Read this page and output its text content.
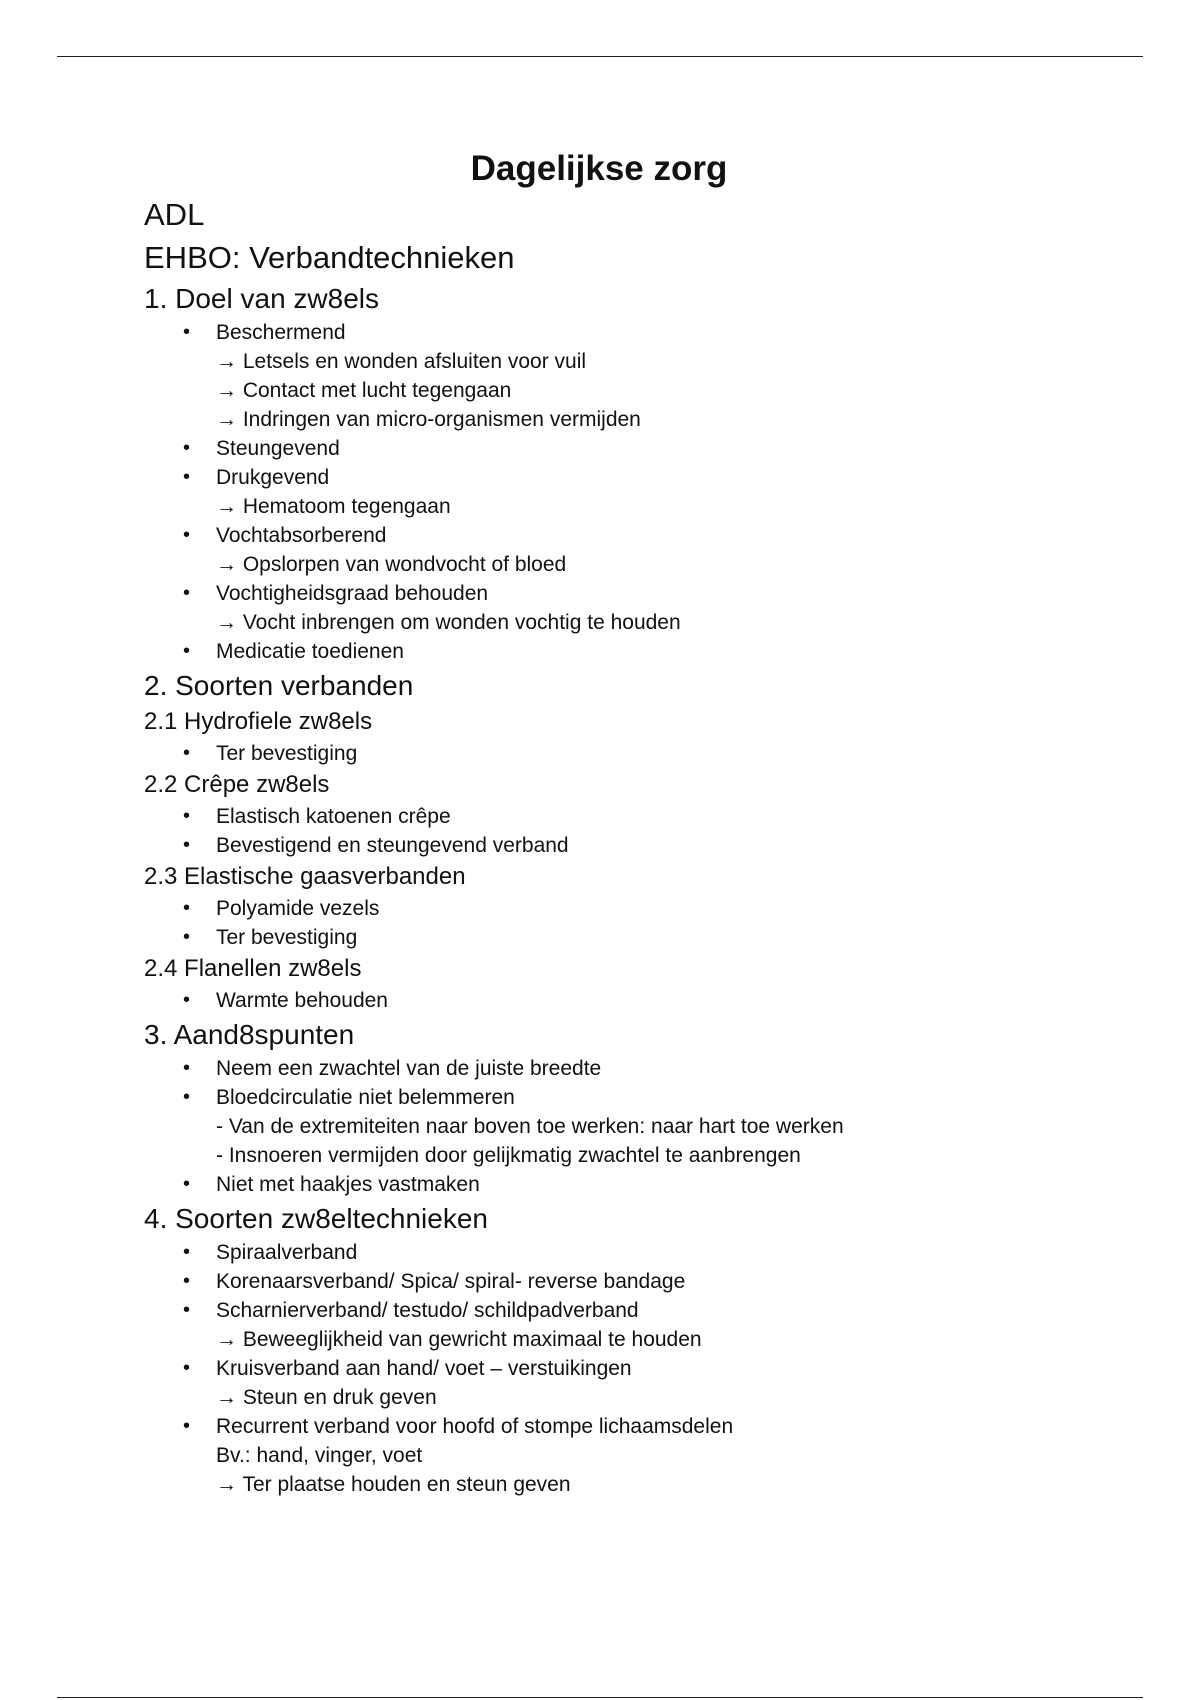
Dagelijkse zorg
ADL
EHBO: Verbandtechnieken
1. Doel van zw8els
• Beschermend
→ Letsels en wonden afsluiten voor vuil
→ Contact met lucht tegengaan
→ Indringen van micro-organismen vermijden
• Steungevend
• Drukgevend
→ Hematoom tegengaan
• Vochtabsorberend
→ Opslorpen van wondvocht of bloed
• Vochtigheidsgraad behouden
→ Vocht inbrengen om wonden vochtig te houden
• Medicatie toedienen
2. Soorten verbanden
2.1 Hydrofiele zw8els
• Ter bevestiging
2.2 Crêpe zw8els
• Elastisch katoenen crêpe
• Bevestigend en steungevend verband
2.3 Elastische gaasverbanden
• Polyamide vezels
• Ter bevestiging
2.4 Flanellen zw8els
• Warmte behouden
3. Aand8spunten
• Neem een zwachtel van de juiste breedte
• Bloedcirculatie niet belemmeren
- Van de extremiteiten naar boven toe werken: naar hart toe werken
- Insnoeren vermijden door gelijkmatig zwachtel te aanbrengen
• Niet met haakjes vastmaken
4. Soorten zw8eltechnieken
• Spiraalverband
• Korenaarsverband/ Spica/ spiral- reverse bandage
• Scharnierverband/ testudo/ schildpadverband
→ Beweeglijkheid van gewricht maximaal te houden
• Kruisverband aan hand/ voet – verstuikingen
→ Steun en druk geven
• Recurrent verband voor hoofd of stompe lichaamsdelen
Bv.: hand, vinger, voet
→ Ter plaatse houden en steun geven
